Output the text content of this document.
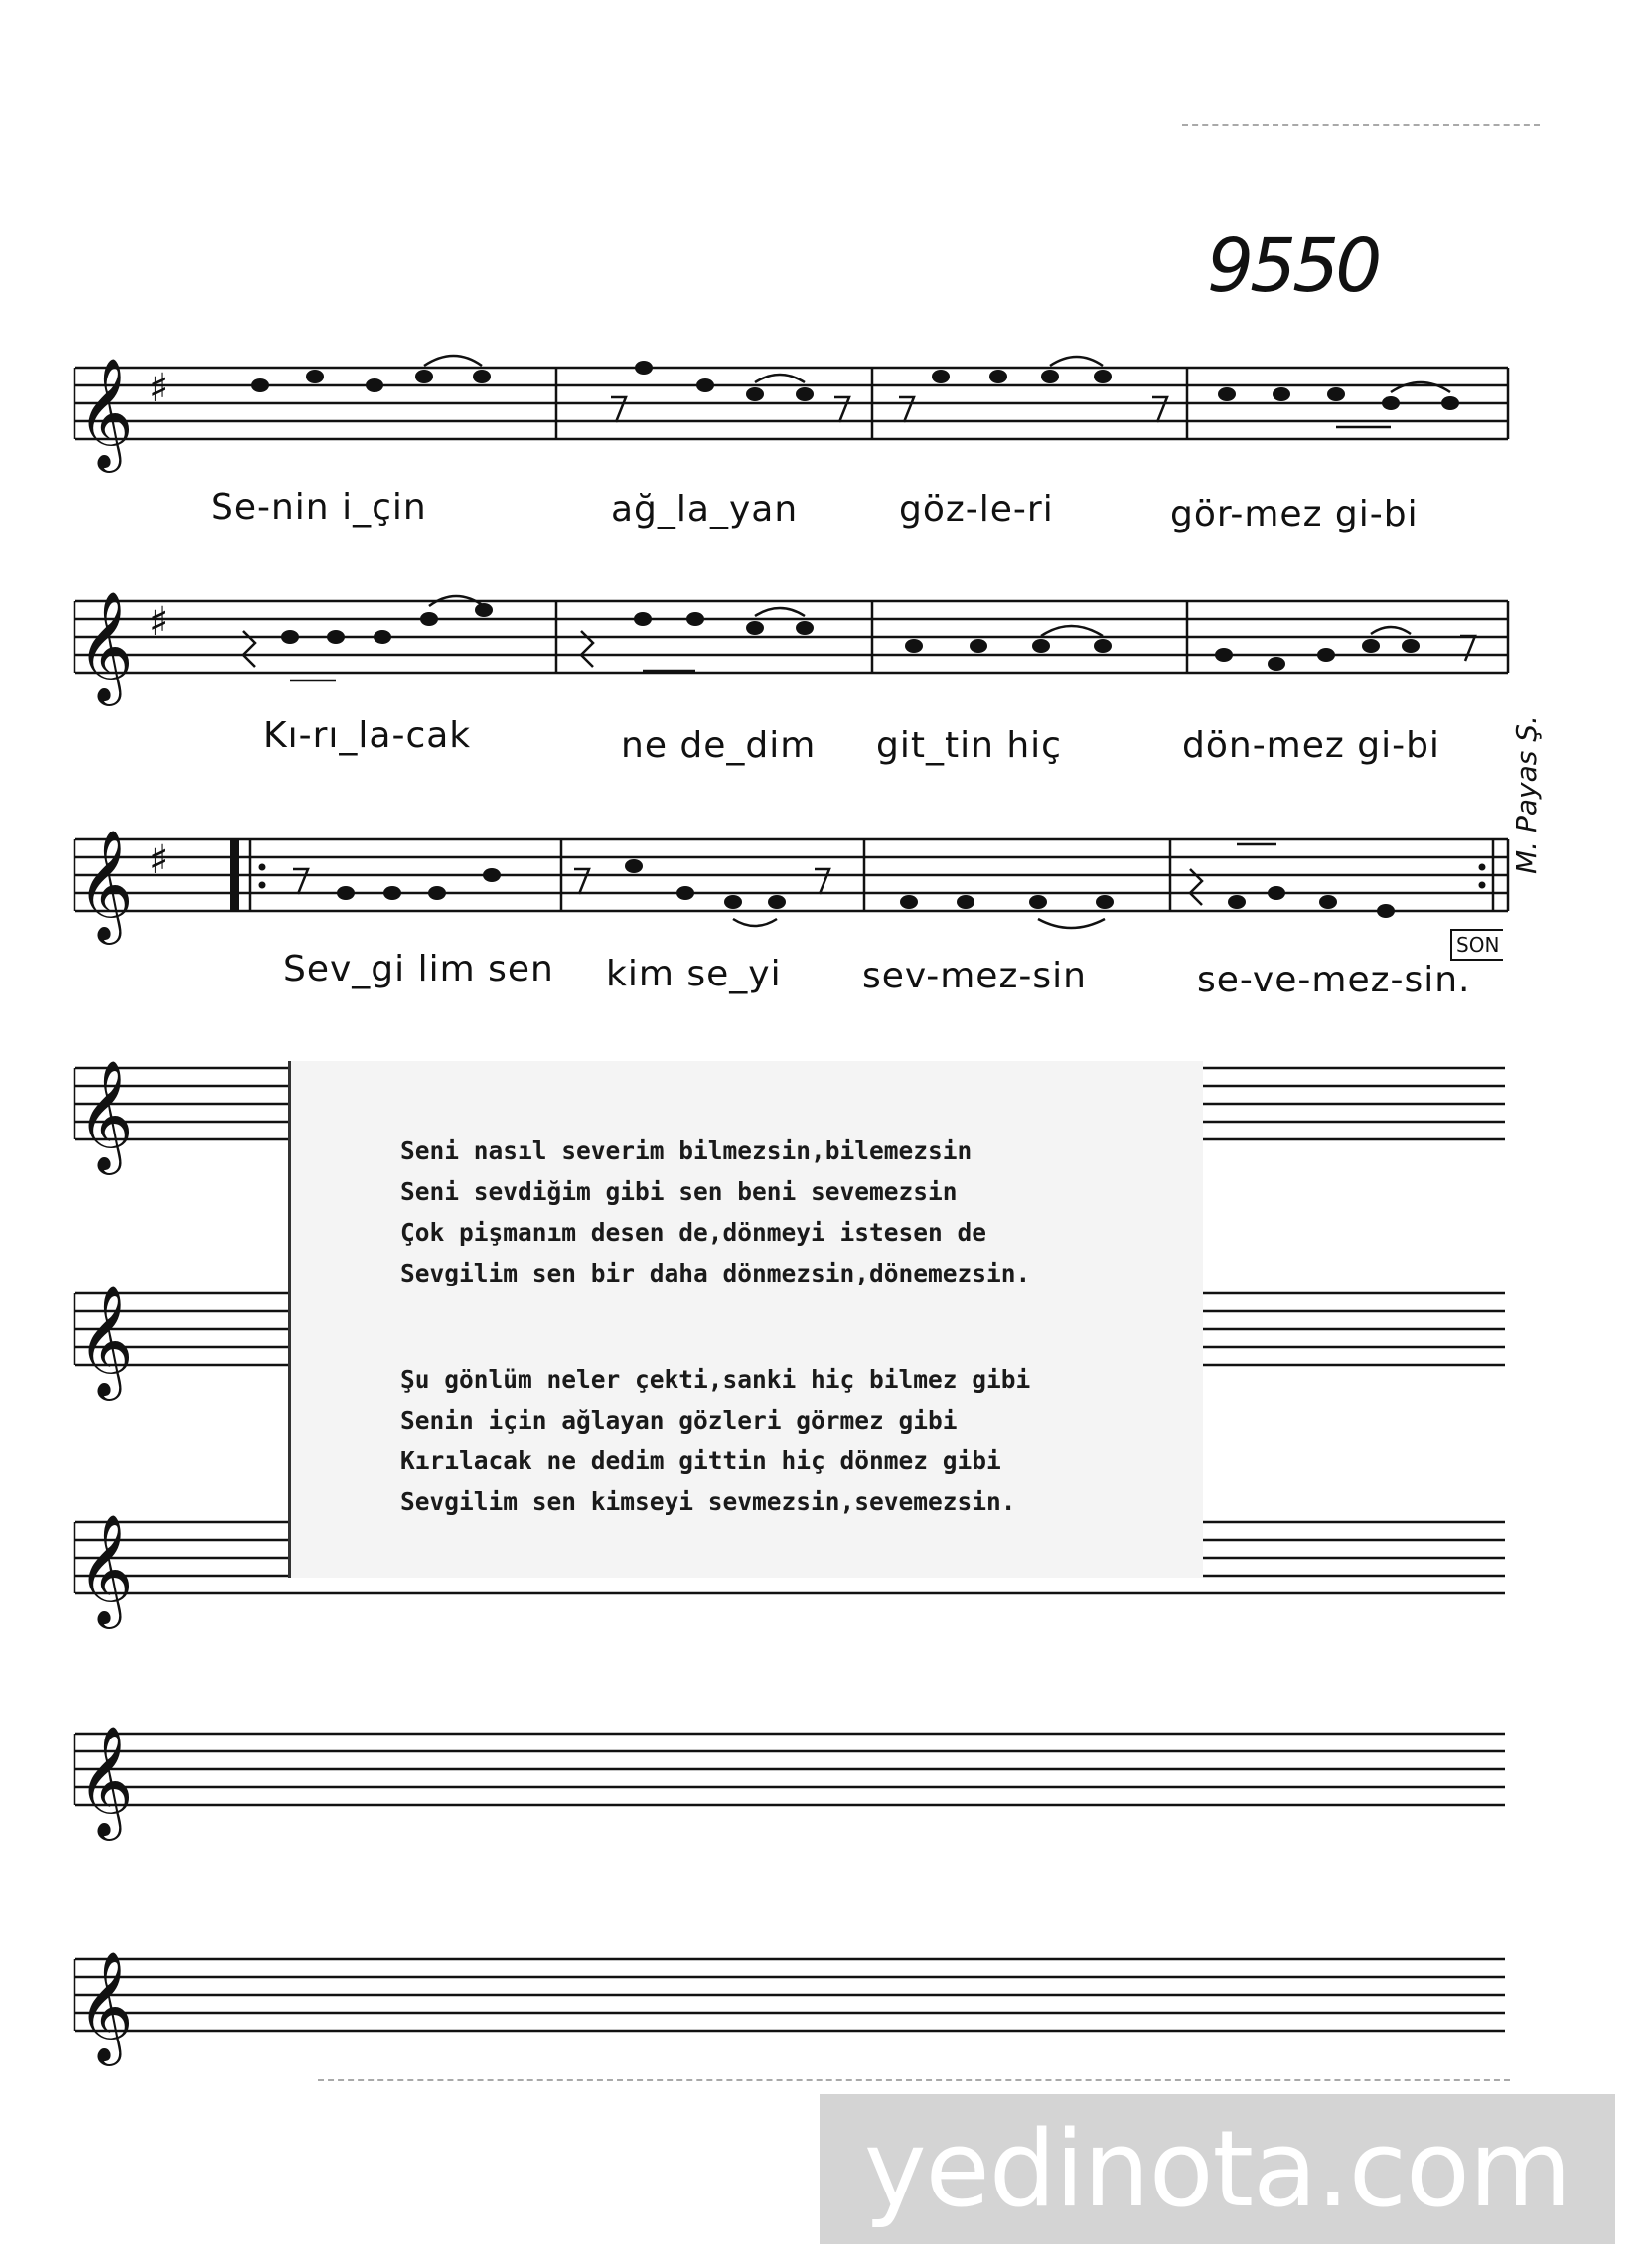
9550
𝄞 ♯
𝄞 ♯
𝄞 ♯
Se-nin i_çin	ağ_la_yan	göz-le-ri	gör-mez gi-bi
Kı-rı_la-cak	ne de_dim git_tin hiç	dön-mez gi-bi
Sev_gi lim sen kim se_yi sev-mez-sin	se-ve-mez-sin.
SON
M. Payas Ş.
𝄞
𝄞
𝄞
𝄞
𝄞
Seni nasıl severim bilmezsin,bilemezsin
Seni sevdiğim gibi sen beni sevemezsin
Çok pişmanım desen de,dönmeyi istesen de
Sevgilim sen bir daha dönmezsin,dönemezsin.
Şu gönlüm neler çekti,sanki hiç bilmez gibi
Senin için ağlayan gözleri görmez gibi
Kırılacak ne dedim gittin hiç dönmez gibi
Sevgilim sen kimseyi sevmezsin,sevemezsin.
yedinota.com
